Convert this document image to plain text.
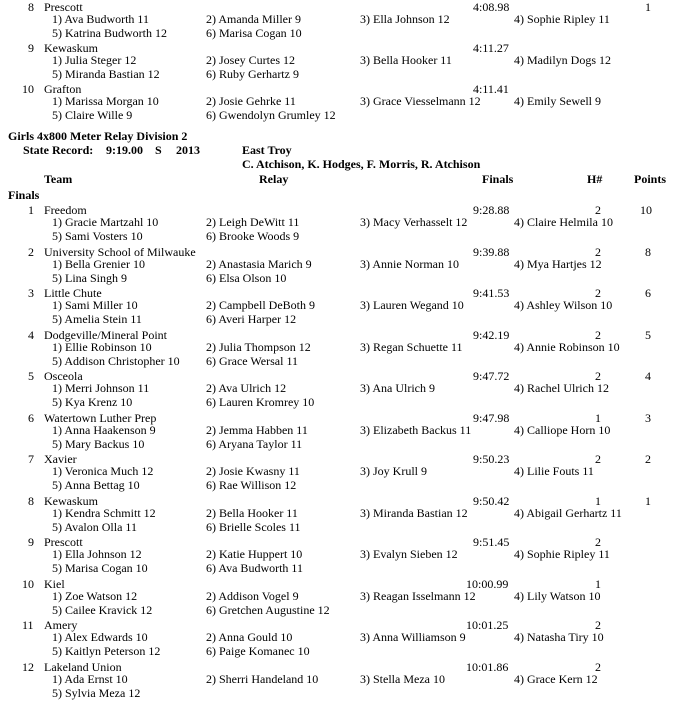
8 Prescott	4:08.98	1
1) Ava Budworth 11	2) Amanda Miller 9	3) Ella Johnson 12	4) Sophie Ripley 11
5) Katrina Budworth 12	6) Marisa Cogan 10
9 Kewaskum	4:11.27
1) Julia Steger 12	2) Josey Curtes 12	3) Bella Hooker 11	4) Madilyn Dogs 12
5) Miranda Bastian 12	6) Ruby Gerhartz 9
10 Grafton	4:11.41
1) Marissa Morgan 10	2) Josie Gehrke 11	3) Grace Viesselmann 12	4) Emily Sewell 9
5) Claire Wille 9	6) Gwendolyn Grumley 12
Girls 4x800 Meter Relay Division 2
State Record: 9:19.00 S 2013	East Troy
C. Atchison, K. Hodges, F. Morris, R. Atchison
Team	Relay	Finals	H#	Points
Finals
1 Freedom	9:28.88	2	10
1) Gracie Martzahl 10	2) Leigh DeWitt 11	3) Macy Verhasselt 12	4) Claire Helmila 10
5) Sami Vosters 10	6) Brooke Woods 9
2 University School of Milwauke	9:39.88	2	8
1) Bella Grenier 10	2) Anastasia Marich 9	3) Annie Norman 10	4) Mya Hartjes 12
5) Lina Singh 9	6) Elsa Olson 10
3 Little Chute	9:41.53	2	6
1) Sami Miller 10	2) Campbell DeBoth 9	3) Lauren Wegand 10	4) Ashley Wilson 10
5) Amelia Stein 11	6) Averi Harper 12
4 Dodgeville/Mineral Point	9:42.19	2	5
1) Ellie Robinson 10	2) Julia Thompson 12	3) Regan Schuette 11	4) Annie Robinson 10
5) Addison Christopher 10 6) Grace Wersal 11
5 Osceola	9:47.72	2	4
1) Merri Johnson 11	2) Ava Ulrich 12	3) Ana Ulrich 9	4) Rachel Ulrich 12
5) Kya Krenz 10	6) Lauren Kromrey 10
6 Watertown Luther Prep	9:47.98	1	3
1) Anna Haakenson 9	2) Jemma Habben 11	3) Elizabeth Backus 11	4) Calliope Horn 10
5) Mary Backus 10	6) Aryana Taylor 11
7 Xavier	9:50.23	2	2
1) Veronica Much 12	2) Josie Kwasny 11	3) Joy Krull 9	4) Lilie Fouts 11
5) Anna Bettag 10	6) Rae Willison 12
8 Kewaskum	9:50.42	1	1
1) Kendra Schmitt 12	2) Bella Hooker 11	3) Miranda Bastian 12	4) Abigail Gerhartz 11
5) Avalon Olla 11	6) Brielle Scoles 11
9 Prescott	9:51.45	2
1) Ella Johnson 12	2) Katie Huppert 10	3) Evalyn Sieben 12	4) Sophie Ripley 11
5) Marisa Cogan 10	6) Ava Budworth 11
10 Kiel	10:00.99	1
1) Zoe Watson 12	2) Addison Vogel 9	3) Reagan Isselmann 12	4) Lily Watson 10
5) Cailee Kravick 12	6) Gretchen Augustine 12
11 Amery	10:01.25	2
1) Alex Edwards 10	2) Anna Gould 10	3) Anna Williamson 9	4) Natasha Tiry 10
5) Kaitlyn Peterson 12	6) Paige Komanec 10
12 Lakeland Union	10:01.86	2
1) Ada Ernst 10	2) Sherri Handeland 10	3) Stella Meza 10	4) Grace Kern 12
5) Sylvia Meza 12
